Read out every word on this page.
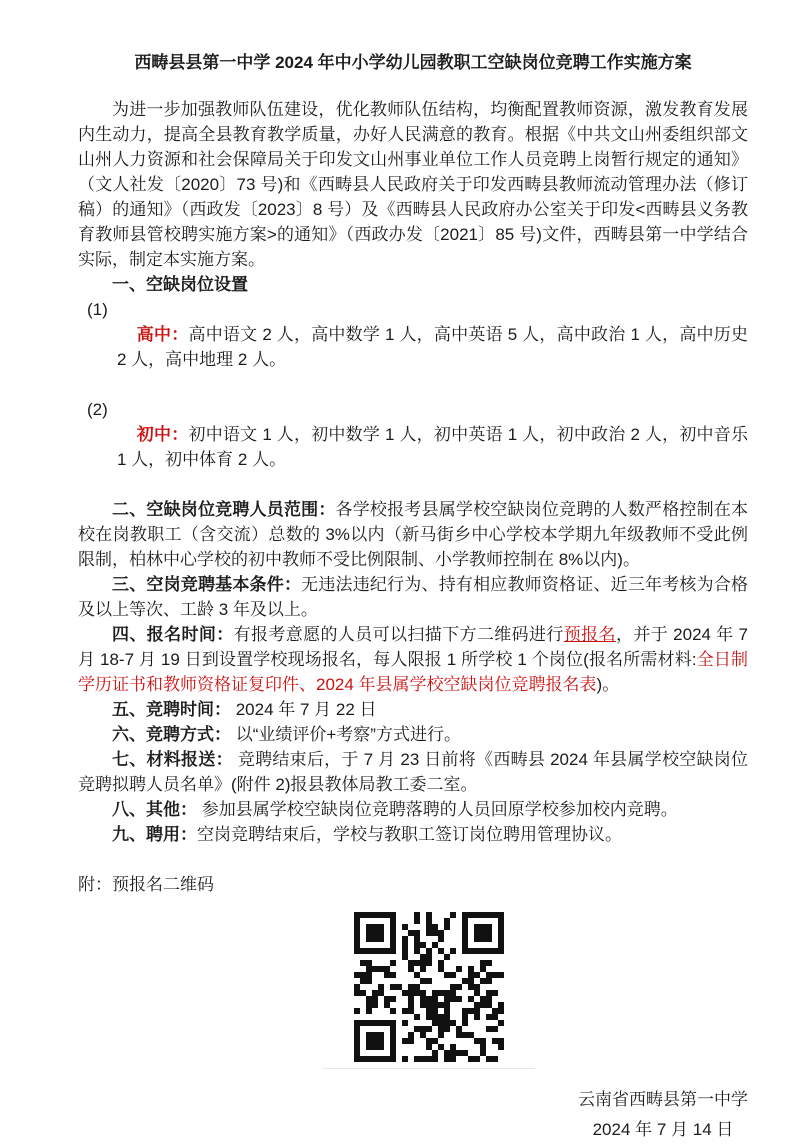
西畴县县第一中学 2024 年中小学幼儿园教职工空缺岗位竞聘工作实施方案

为进一步加强教师队伍建设，优化教师队伍结构，均衡配置教师资源，激发教育发展内生动力，提高全县教育教学质量，办好人民满意的教育。根据《中共文山州委组织部文山州人力资源和社会保障局关于印发文山州事业单位工作人员竞聘上岗暂行规定的通知》（文人社发〔2020〕73 号)和《西畴县人民政府关于印发西畴县教师流动管理办法（修订稿）的通知》（西政发〔2023〕8 号）及《西畴县人民政府办公室关于印发<西畴县义务教育教师县管校聘实施方案>的通知》（西政办发〔2021〕85 号)文件，西畴县第一中学结合实际，制定本实施方案。

一、空缺岗位设置

(1)
高中：高中语文 2 人，高中数学 1 人，高中英语 5 人，高中政治 1 人，高中历史 2 人，高中地理 2 人。

(2)
初中：初中语文 1 人，初中数学 1 人，初中英语 1 人，初中政治 2 人，初中音乐 1 人，初中体育 2 人。

二、空缺岗位竞聘人员范围：各学校报考县属学校空缺岗位竞聘的人数严格控制在本校在岗教职工（含交流）总数的 3%以内（新马街乡中心学校本学期九年级教师不受此例限制，柏林中心学校的初中教师不受比例限制、小学教师控制在 8%以内)。

三、空岗竞聘基本条件：无违法违纪行为、持有相应教师资格证、近三年考核为合格及以上等次、工龄 3 年及以上。

四、报名时间：有报考意愿的人员可以扫描下方二维码进行预报名，并于 2024 年 7 月 18-7 月 19 日到设置学校现场报名，每人限报 1 所学校 1 个岗位(报名所需材料:全日制学历证书和教师资格证复印件、2024 年县属学校空缺岗位竞聘报名表)。

五、竞聘时间： 2024 年 7 月 22 日

六、竞聘方式： 以“业绩评价+考察”方式进行。

七、材料报送： 竞聘结束后，于 7 月 23 日前将《西畴县 2024 年县属学校空缺岗位竞聘拟聘人员名单》(附件 2)报县教体局教工委二室。

八、其他： 参加县属学校空缺岗位竞聘落聘的人员回原学校参加校内竞聘。

九、聘用：空岗竞聘结束后，学校与教职工签订岗位聘用管理协议。

附：预报名二维码

云南省西畴县第一中学

2024 年 7 月 14 日
